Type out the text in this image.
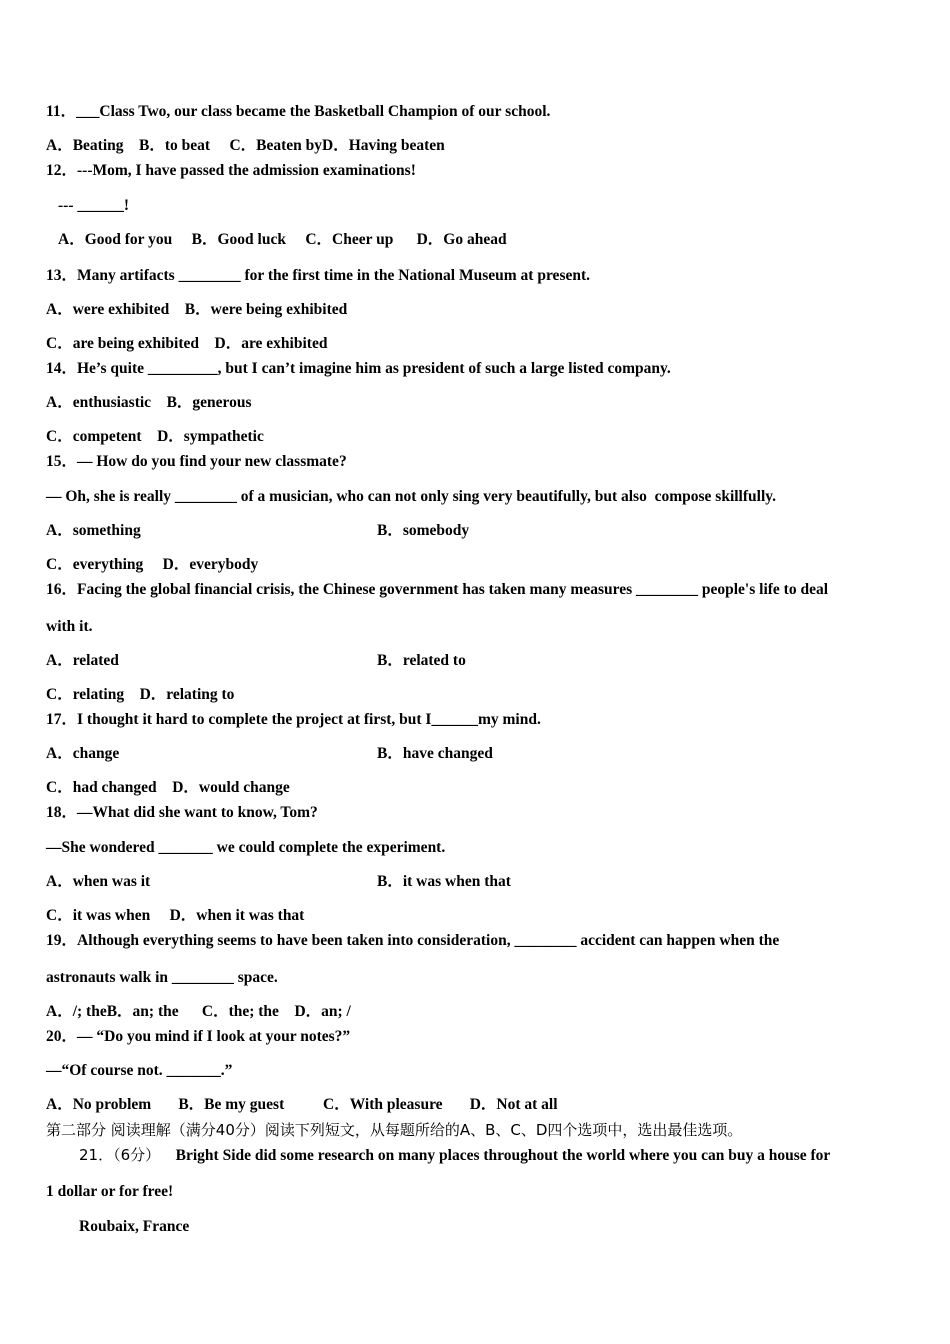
11．___Class Two, our class became the Basketball Champion of our school.
A．Beating B．to beat C．Beaten byD．Having beaten
12．---Mom, I have passed the admission examinations!
--- ______!
A．Good for you B．Good luck C．Cheer up D．Go ahead
13．Many artifacts ________ for the first time in the National Museum at present.
A．were exhibited B．were being exhibited
C．are being exhibited D．are exhibited
14．He’s quite _________, but I can’t imagine him as president of such a large listed company.
A．enthusiastic B．generous
C．competent D．sympathetic
15．— How do you find your new classmate?
— Oh, she is really ________ of a musician, who can not only sing very beautifully, but also  compose skillfully.
A．something	B．somebody
C．everything D．everybody
16．Facing the global financial crisis, the Chinese government has taken many measures ________ people's life to deal
with it.
A．related	B．related to
C．relating D．relating to
17．I thought it hard to complete the project at first, but I______my mind.
A．change	B．have changed
C．had changed D．would change
18．—What did she want to know, Tom?
—She wondered _______ we could complete the experiment.
A．when was it	B．it was when that
C．it was when D．when it was that
19．Although everything seems to have been taken into consideration, ________ accident can happen when the
astronauts walk in ________ space.
A．/; theB．an; the C．the; the D．an; /
20．— “Do you mind if I look at your notes?”
—“Of course not. _______.”
A．No problem B．Be my guest	C．With pleasure D．Not at all
第二部分 阅读理解（满分40分）阅读下列短文，从每题所给的A、B、C、D四个选项中，选出最佳选项。
21．（6分） Bright Side did some research on many places throughout the world where you can buy a house for
1 dollar or for free!
Roubaix, France
